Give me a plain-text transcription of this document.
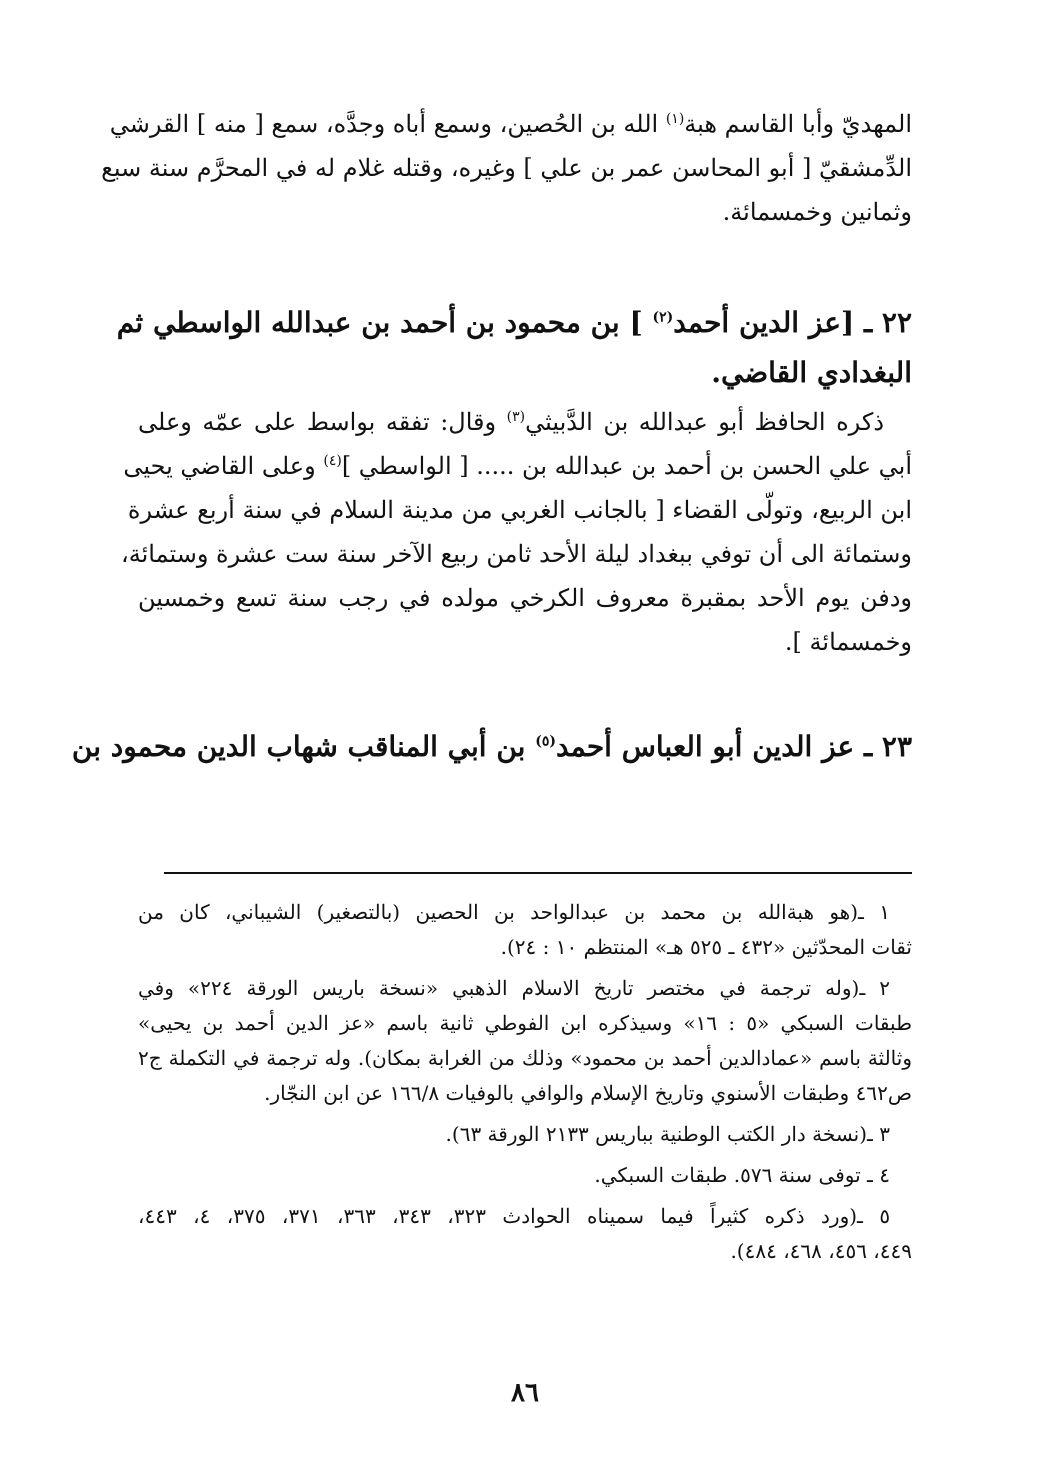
المهديّ وأبا القاسم هبة$^{(١)}$ الله بن الحُصين، وسمع أباه وجدَّه، سمع [ منه ] القرشي
الدِّمشقيّ [ أبو المحاسن عمر بن علي ] وغيره، وقتله غلام له في المحرَّم سنة سبع
وثمانين وخمسمائة.

٢٢ ـ [عز الدين أحمد$^{(٢)}$ ] بن محمود بن أحمد بن عبدالله الواسطي ثم
البغدادي القاضي.

ذكره الحافظ أبو عبدالله بن الدَّبيثي$^{(٣)}$ وقال: تفقه بواسط على عمّه وعلى
أبي علي الحسن بن أحمد بن عبدالله بن ..... [ الواسطي ]$^{(٤)}$ وعلى القاضي يحيى
ابن الربيع، وتولّى القضاء [ بالجانب الغربي من مدينة السلام في سنة أربع عشرة
وستمائة الى أن توفي ببغداد ليلة الأحد ثامن ربيع الآخر سنة ست عشرة وستمائة،
ودفن يوم الأحد بمقبرة معروف الكرخي مولده في رجب سنة تسع وخمسين
وخمسمائة ].

٢٣ ـ عز الدين أبو العباس أحمد$^{(٥)}$ بن أبي المناقب شهاب الدين محمود بن

١ ـ(هو هبةالله بن محمد بن عبدالواحد بن الحصين (بالتصغير) الشيباني، كان من
ثقات المحدّثين «٤٣٢ ـ ٥٢٥ هـ» المنتظم ١٠ : ٢٤).

٢ ـ(وله ترجمة في مختصر تاريخ الاسلام الذهبي «نسخة باريس الورقة ٢٢٤» وفي
طبقات السبكي «٥ : ١٦» وسيذكره ابن الفوطي ثانية باسم «عز الدين أحمد بن يحيى»
وثالثة باسم «عمادالدين أحمد بن محمود» وذلك من الغرابة بمكان). وله ترجمة في التكملة ج٢
ص٤٦٢ وطبقات الأسنوي وتاريخ الإسلام والوافي بالوفيات ١٦٦/٨ عن ابن النجّار.

٣ ـ(نسخة دار الكتب الوطنية بباريس ٢١٣٣ الورقة ٦٣).

٤ ـ توفى سنة ٥٧٦. طبقات السبكي.

٥ ـ(ورد ذكره كثيراً فيما سميناه الحوادث ٣٢٣، ٣٤٣، ٣٦٣، ٣٧١، ٣٧٥، ٤، ٤٤٣،
٤٤٩، ٤٥٦، ٤٦٨، ٤٨٤).

٨٦
